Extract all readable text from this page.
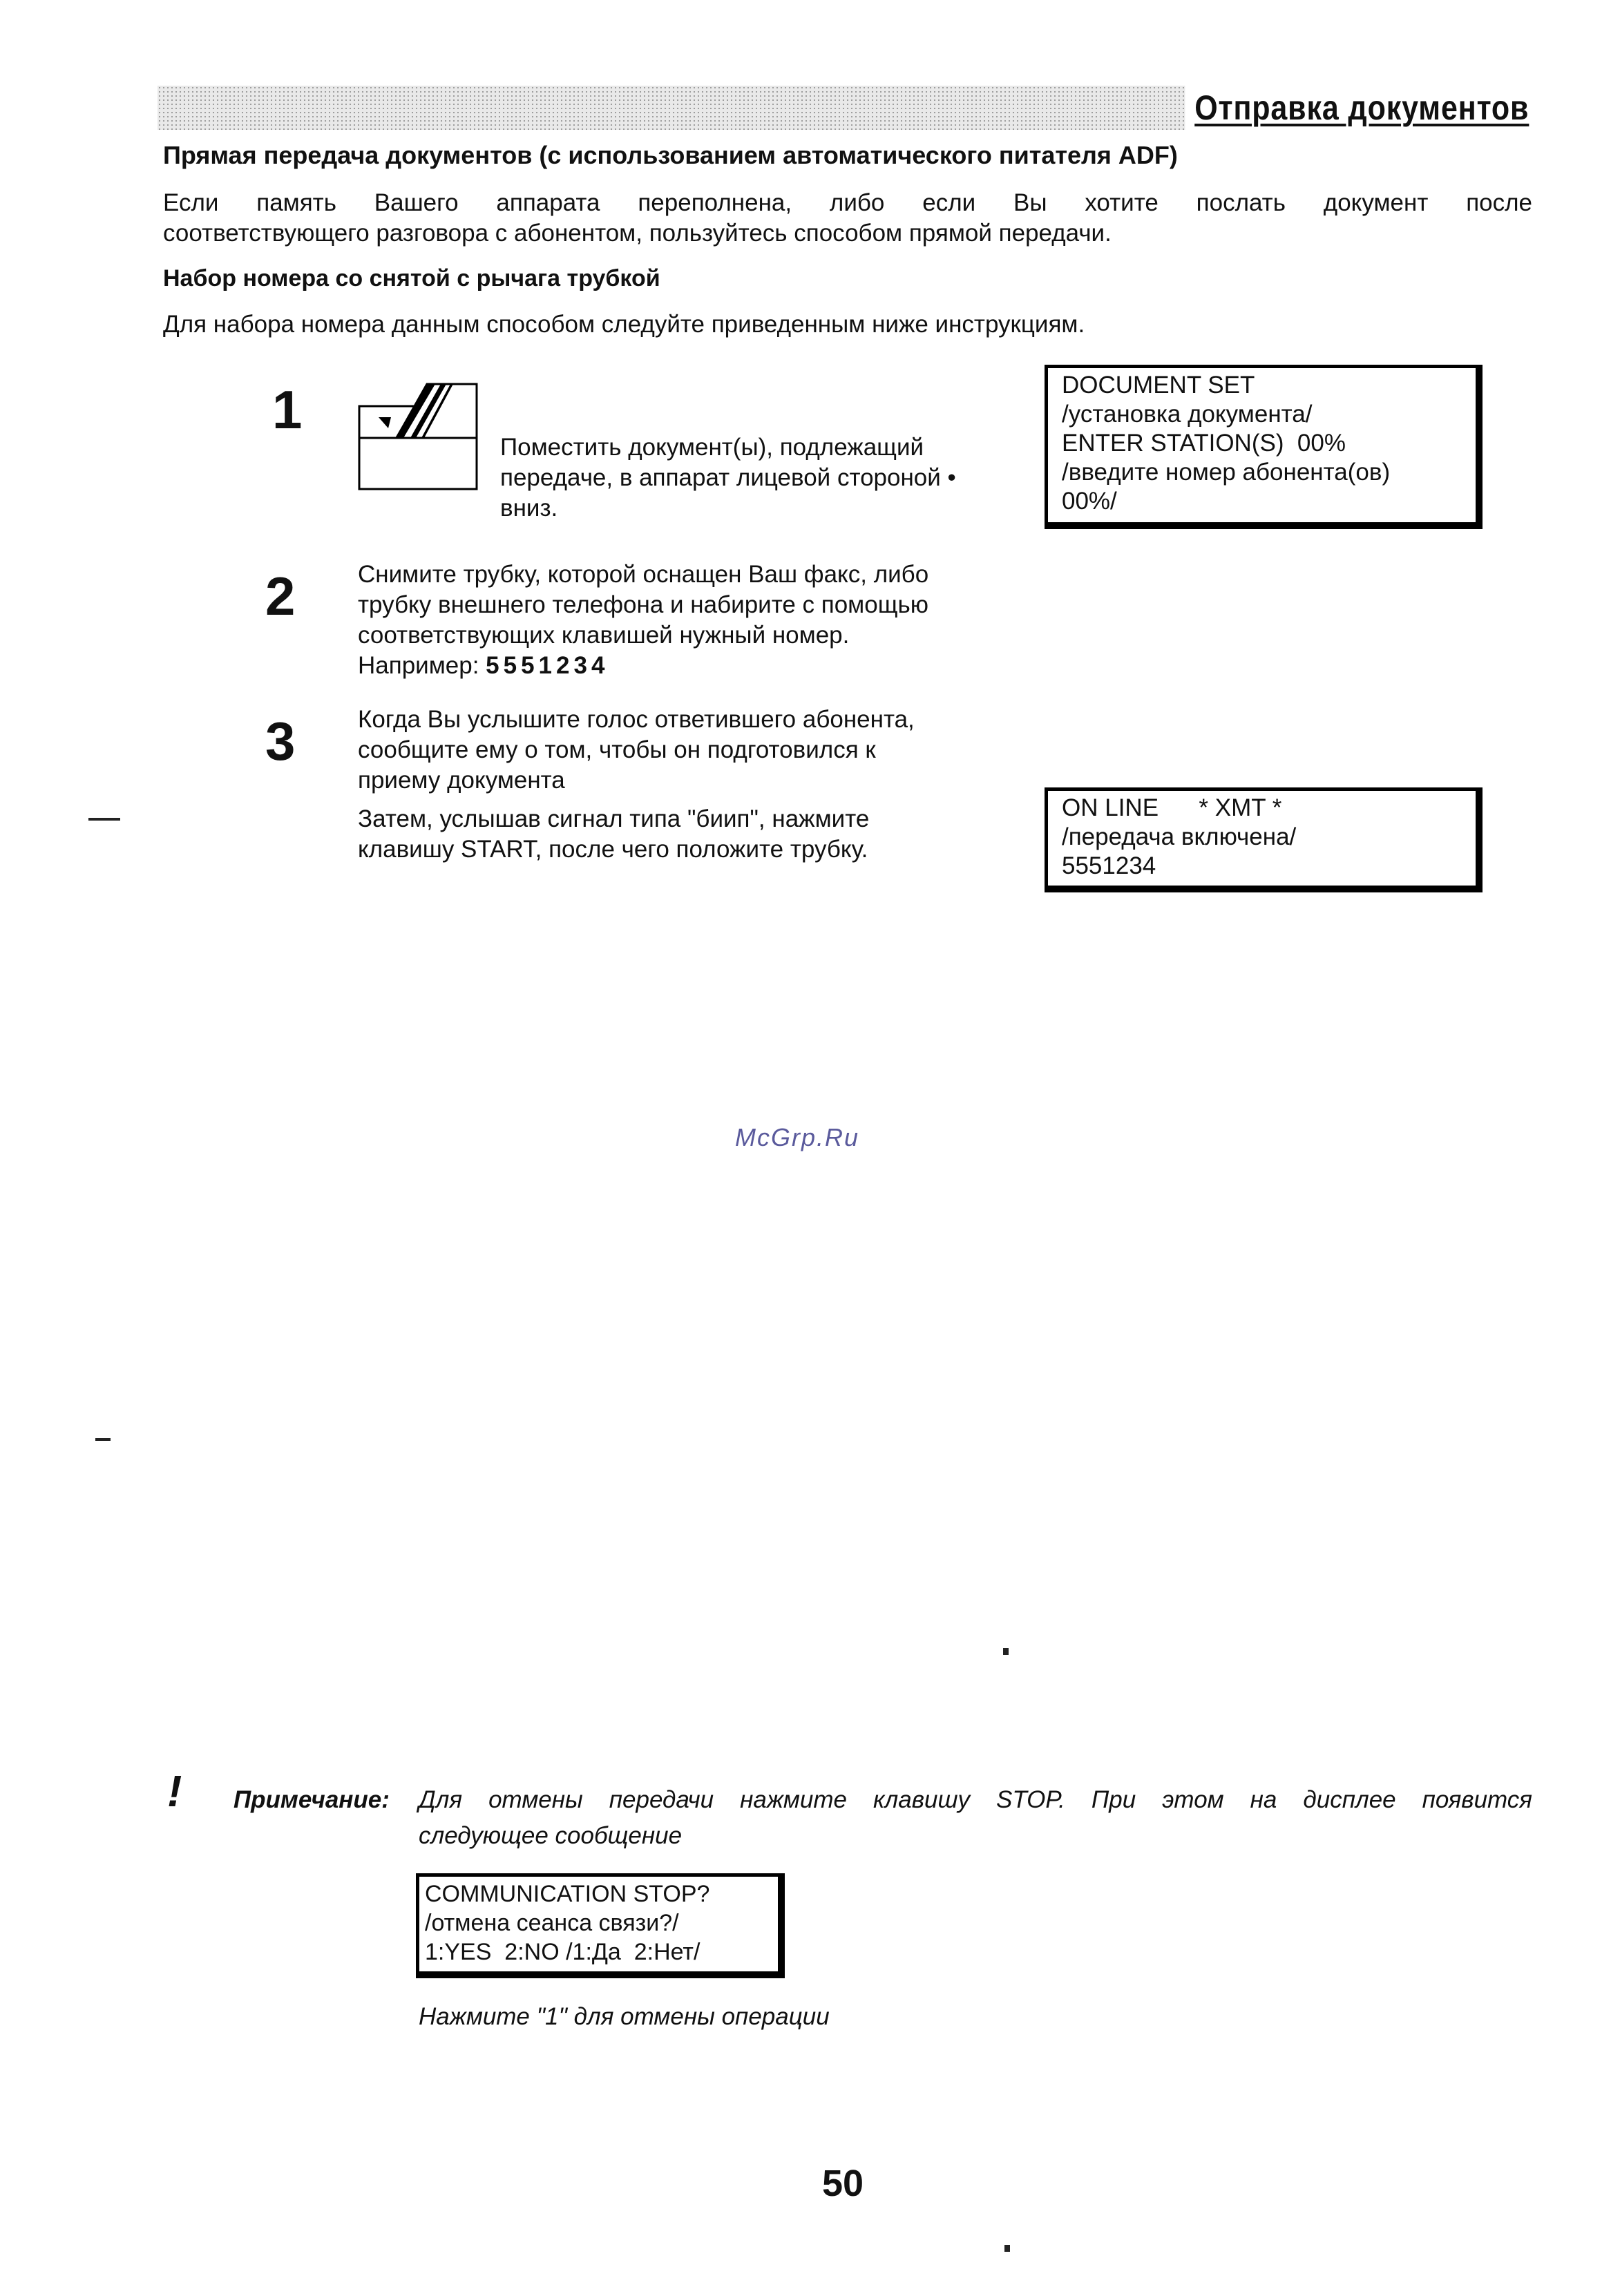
Отправка документов
Прямая передача документов (с использованием автоматического питателя ADF)
Если память Вашего аппарата переполнена, либо если Вы хотите послать документ после
соответствующего разговора с абонентом, пользуйтесь способом прямой передачи.
Набор номера со снятой с рычага трубкой
Для набора номера данным способом следуйте приведенным ниже инструкциям.
1
Поместить документ(ы), подлежащий
передаче, в аппарат лицевой стороной •
вниз.
DOCUMENT SET
/установка документа/
ENTER STATION(S)  00%
/введите номер абонента(ов)
00%/
2	Снимите трубку, которой оснащен Ваш факс, либо
трубку внешнего телефона и набирите с помощью
соответствующих клавишей нужный номер.
Например: 5551234
3	Когда Вы услышите голос ответившего абонента,
сообщите ему о том, чтобы он подготовился к
приему документа
Затем, услышав сигнал типа "биип", нажмите
клавишу START, после чего положите трубку.
ON LINE      * XMT *
/передача включена/
5551234
McGrp.Ru
! Примечание: Для отмены передачи нажмите клавишу STOP. При этом на дисплее появится
следующее сообщение
COMMUNICATION STOP?
/отмена сеанса связи?/
1:YES  2:NO /1:Да  2:Нет/
Нажмите "1" для отмены операции
50
